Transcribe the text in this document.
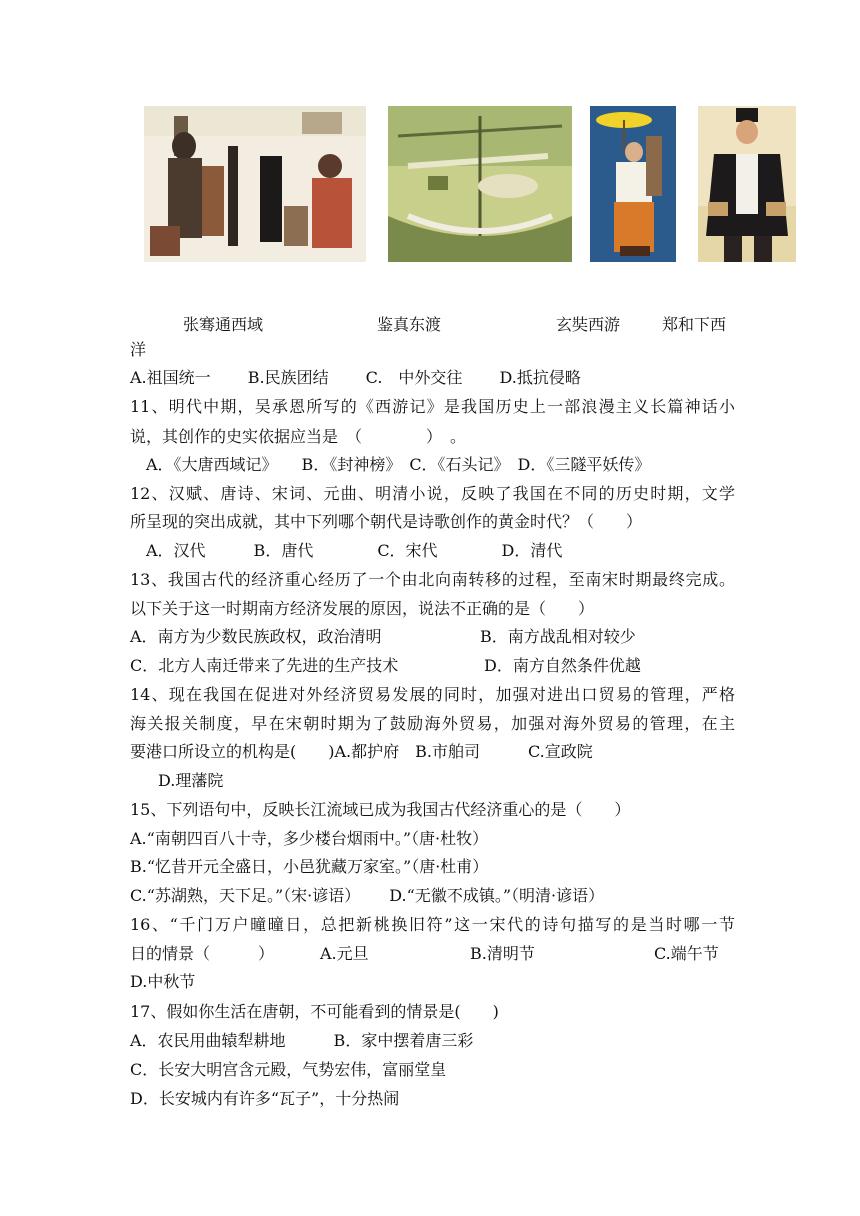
张骞通西域	鉴真东渡	玄奘西游	郑和下西
洋
A.祖国统一　　 B.民族团结　　 C.　中外交往　　 D.抵抗侵略
11、明代中期，吴承恩所写的《西游记》是我国历史上一部浪漫主义长篇神话小
说，其创作的史实依据应当是　（　　　　）　。
A．《大唐西域记》　　B．《封神榜》　C．《石头记》　D．《三隧平妖传》
12、汉赋、唐诗、宋词、元曲、明清小说，反映了我国在不同的历史时期，文学
所呈现的突出成就，其中下列哪个朝代是诗歌创作的黄金时代？（　　）
A．汉代　　　B．唐代　　　　C．宋代　　　　D．清代
13、我国古代的经济重心经历了一个由北向南转移的过程，至南宋时期最终完成。
以下关于这一时期南方经济发展的原因，说法不正确的是（　　）
A．南方为少数民族政权，政治清明	B．南方战乱相对较少
C．北方人南迁带来了先进的生产技术	D．南方自然条件优越
14、现在我国在促进对外经济贸易发展的同时，加强对进出口贸易的管理，严格
海关报关制度，早在宋朝时期为了鼓励海外贸易，加强对海外贸易的管理，在主
要港口所设立的机构是(　　)A.都护府　B.市舶司　　　C.宣政院
D.理藩院
15、下列语句中，反映长江流域已成为我国古代经济重心的是（　　）
A.“南朝四百八十寺，多少楼台烟雨中。”（唐·杜牧）
B.“忆昔开元全盛日，小邑犹藏万家室。”（唐·杜甫）
C.“苏湖熟，天下足。”（宋·谚语）　　 D.“无徽不成镇。”（明清·谚语）
16、“千门万户曈曈日，总把新桃换旧符”这一宋代的诗句描写的是当时哪一节
日的情景（　　　）	A.元旦	B.清明节	C.端午节
D.中秋节
17、假如你生活在唐朝，不可能看到的情景是(　　)
A．农民用曲辕犁耕地　　　B．家中摆着唐三彩
C．长安大明宫含元殿，气势宏伟，富丽堂皇
D．长安城内有许多“瓦子”，十分热闹
